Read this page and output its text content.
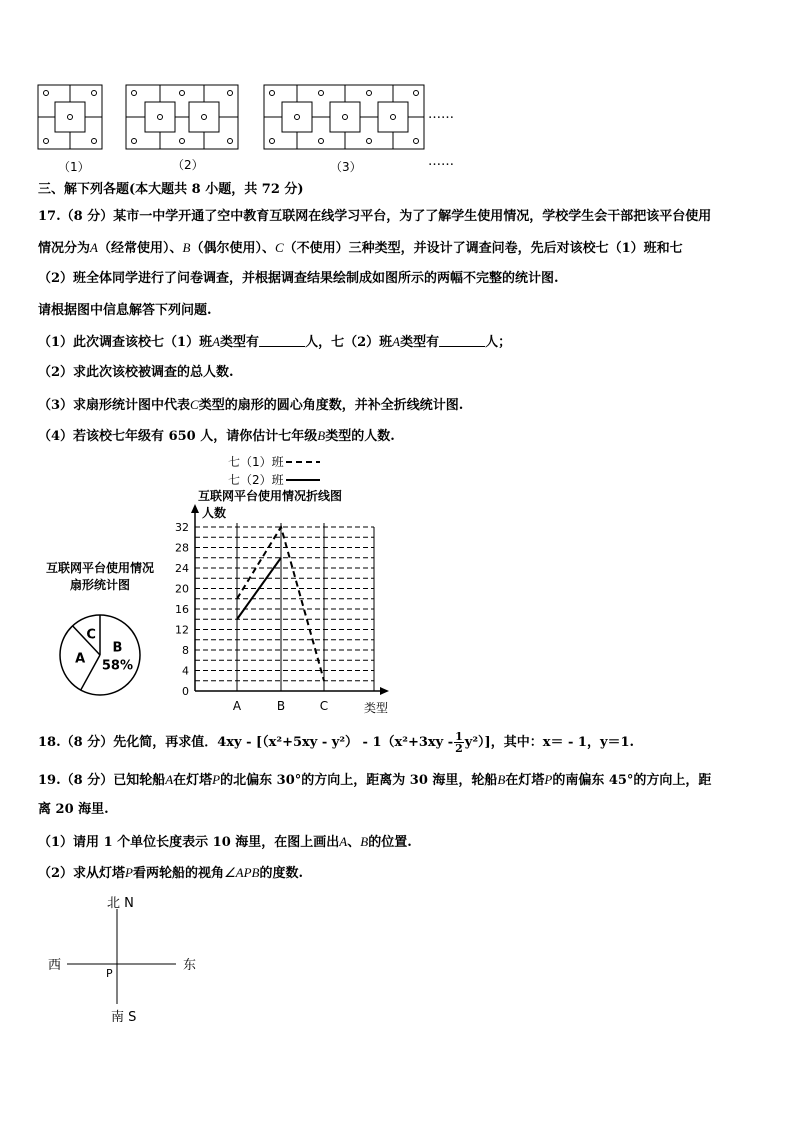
……
（1）	（2）	（3）	……
三、解下列各题(本大题共 8 小题，共 72 分)
17.（8 分）某市一中学开通了空中教育互联网在线学习平台，为了了解学生使用情况，学校学生会干部把该平台使用
情况分为A（经常使用）、B（偶尔使用）、C（不使用）三种类型，并设计了调查问卷，先后对该校七（1）班和七
（2）班全体同学进行了问卷调查，并根据调查结果绘制成如图所示的两幅不完整的统计图.
请根据图中信息解答下列问题.
（1）此次调查该校七（1）班A类型有	人，七（2）班A类型有	人；
（2）求此次该校被调查的总人数.
（3）求扇形统计图中代表C类型的扇形的圆心角度数，并补全折线统计图.
（4）若该校七年级有 650 人，请你估计七年级B类型的人数.
互联网平台使用情况
扇形统计图
B
58%
A
C
七（1）班
七（2）班
互联网平台使用情况折线图
人数
类型
A	B	C
0
4
8
12
16
20
24
28
32
18.（8 分）先化简，再求值．$4xy - [(x^2+5xy - y^2) - 1(x^2+3xy - \frac{1}{2} y^2)]$，其中：x＝ - 1，y＝1.
19.（8 分）已知轮船A在灯塔P的北偏东 30°的方向上，距离为 30 海里，轮船B在灯塔P的南偏东 45°的方向上，距
离 20 海里.
（1）请用 1 个单位长度表示 10 海里，在图上画出A、B的位置.
（2）求从灯塔P看两轮船的视角∠APB的度数.
北 N
南 S
西	东
P
